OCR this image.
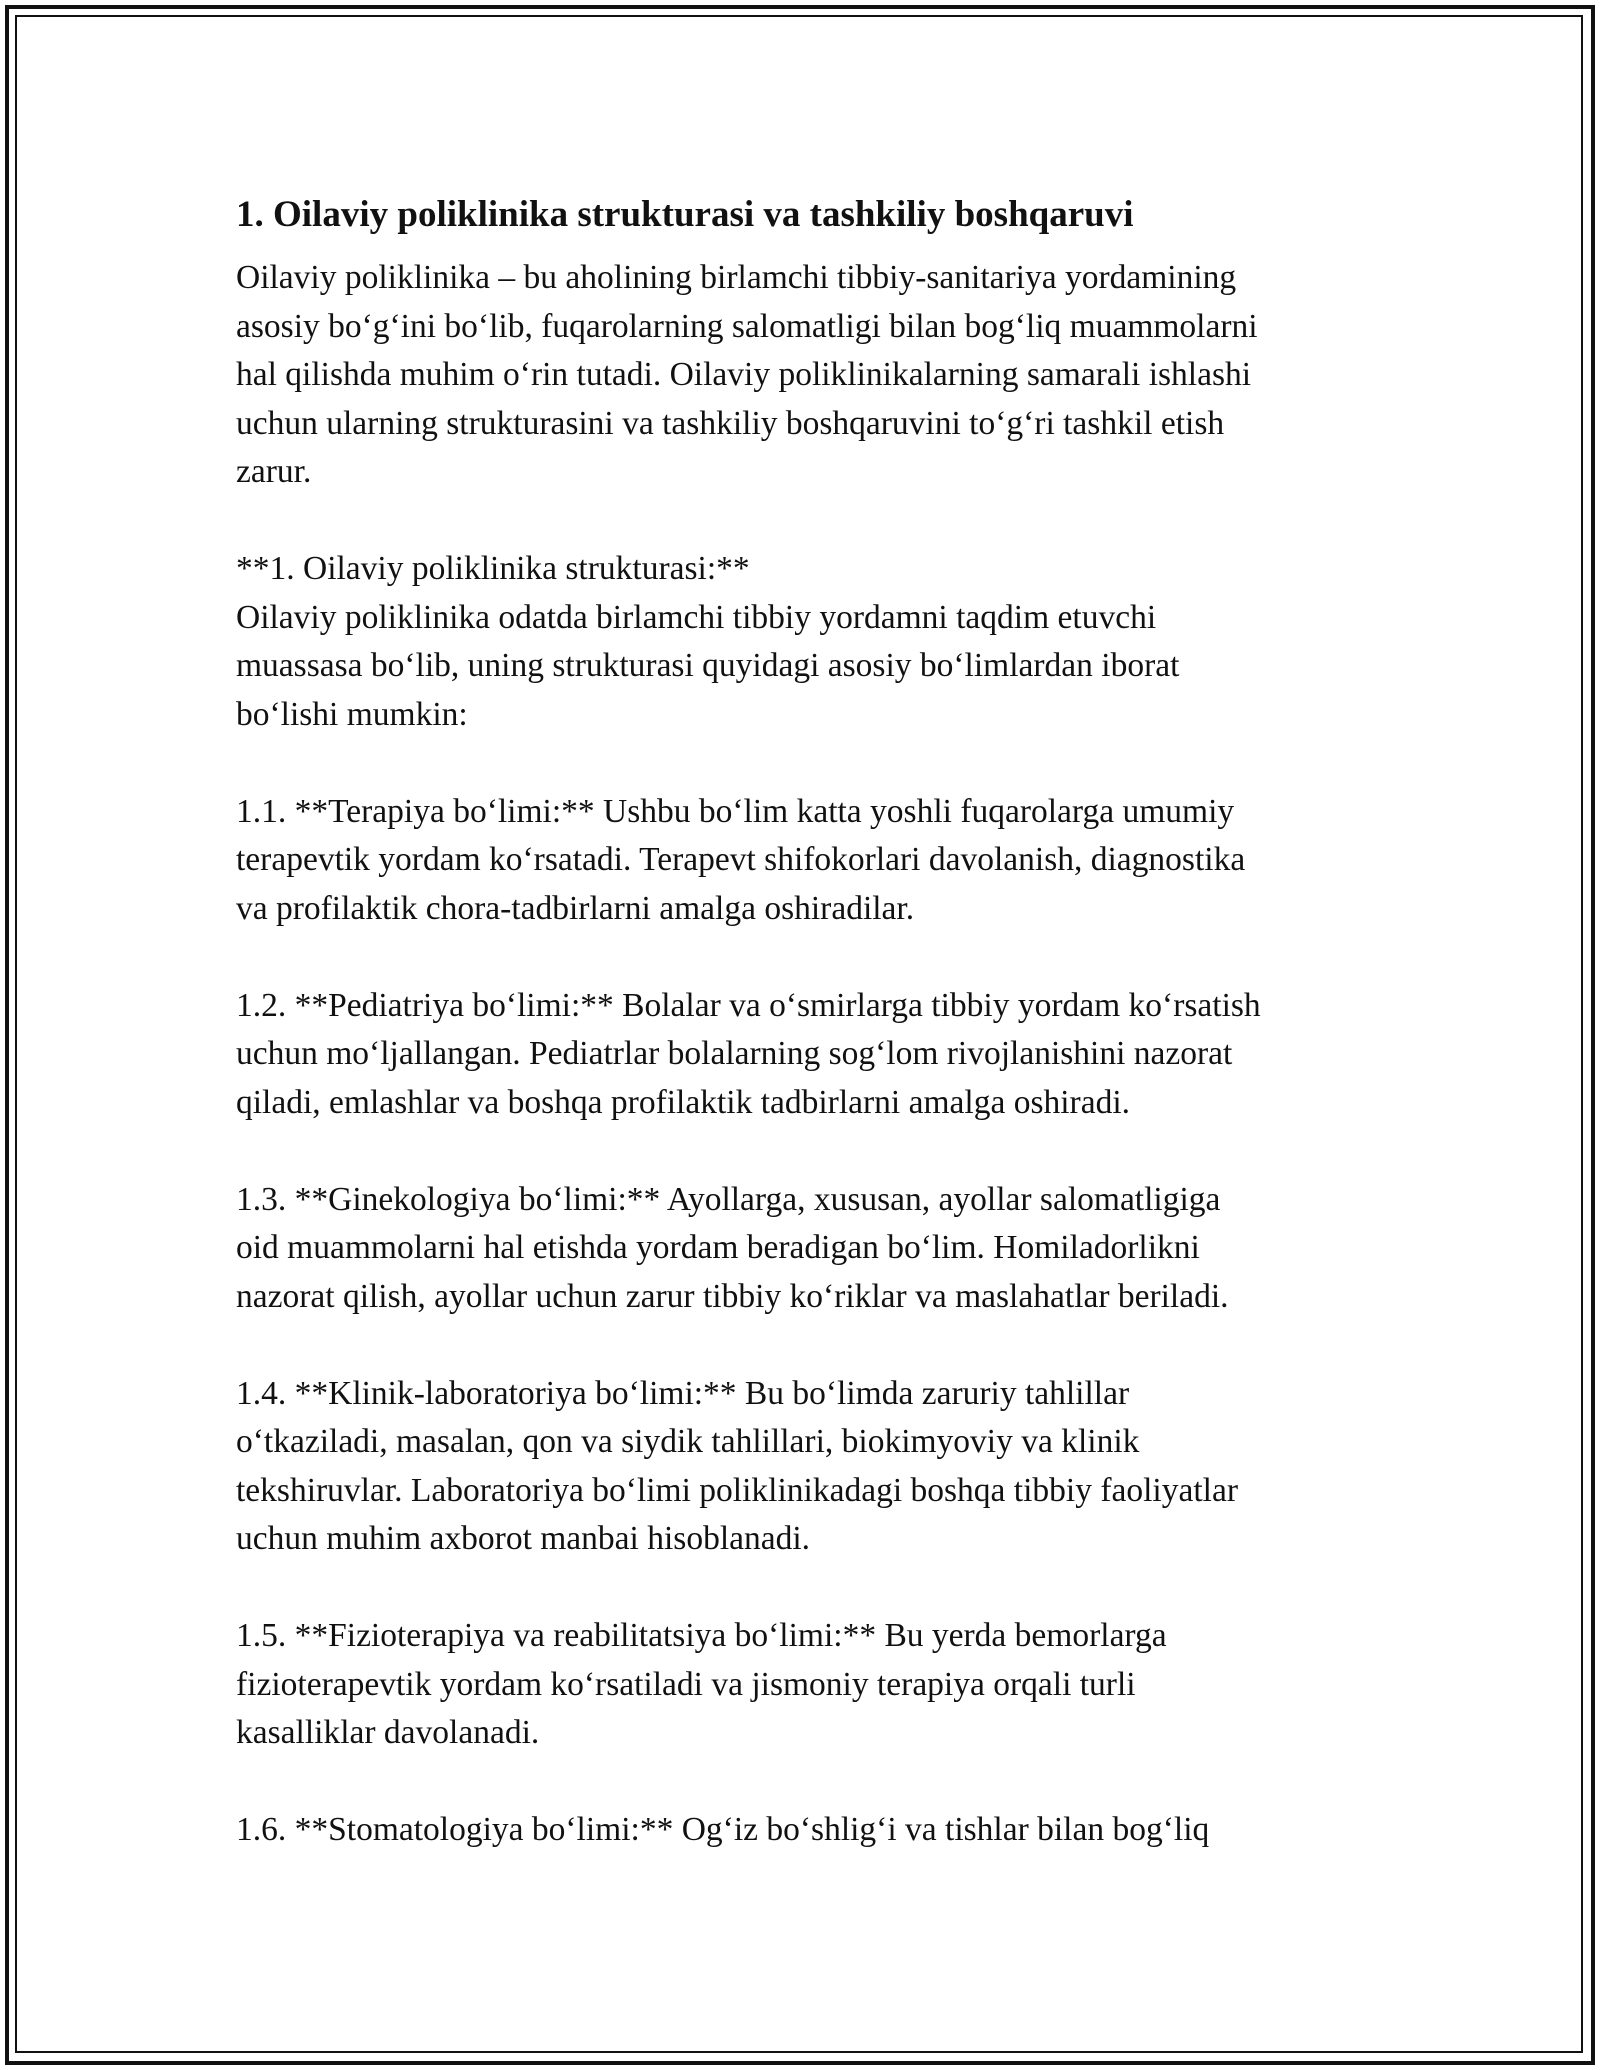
1. Oilaviy poliklinika strukturasi va tashkiliy boshqaruvi
Oilaviy poliklinika – bu aholining birlamchi tibbiy-sanitariya yordamining
asosiy bo‘g‘ini bo‘lib, fuqarolarning salomatligi bilan bog‘liq muammolarni
hal qilishda muhim o‘rin tutadi. Oilaviy poliklinikalarning samarali ishlashi
uchun ularning strukturasini va tashkiliy boshqaruvini to‘g‘ri tashkil etish
zarur.
**1. Oilaviy poliklinika strukturasi:**
Oilaviy poliklinika odatda birlamchi tibbiy yordamni taqdim etuvchi
muassasa bo‘lib, uning strukturasi quyidagi asosiy bo‘limlardan iborat
bo‘lishi mumkin:
1.1. **Terapiya bo‘limi:** Ushbu bo‘lim katta yoshli fuqarolarga umumiy
terapevtik yordam ko‘rsatadi. Terapevt shifokorlari davolanish, diagnostika
va profilaktik chora-tadbirlarni amalga oshiradilar.
1.2. **Pediatriya bo‘limi:** Bolalar va o‘smirlarga tibbiy yordam ko‘rsatish
uchun mo‘ljallangan. Pediatrlar bolalarning sog‘lom rivojlanishini nazorat
qiladi, emlashlar va boshqa profilaktik tadbirlarni amalga oshiradi.
1.3. **Ginekologiya bo‘limi:** Ayollarga, xususan, ayollar salomatligiga
oid muammolarni hal etishda yordam beradigan bo‘lim. Homiladorlikni
nazorat qilish, ayollar uchun zarur tibbiy ko‘riklar va maslahatlar beriladi.
1.4. **Klinik-laboratoriya bo‘limi:** Bu bo‘limda zaruriy tahlillar
o‘tkaziladi, masalan, qon va siydik tahlillari, biokimyoviy va klinik
tekshiruvlar. Laboratoriya bo‘limi poliklinikadagi boshqa tibbiy faoliyatlar
uchun muhim axborot manbai hisoblanadi.
1.5. **Fizioterapiya va reabilitatsiya bo‘limi:** Bu yerda bemorlarga
fizioterapevtik yordam ko‘rsatiladi va jismoniy terapiya orqali turli
kasalliklar davolanadi.
1.6. **Stomatologiya bo‘limi:** Og‘iz bo‘shlig‘i va tishlar bilan bog‘liq
